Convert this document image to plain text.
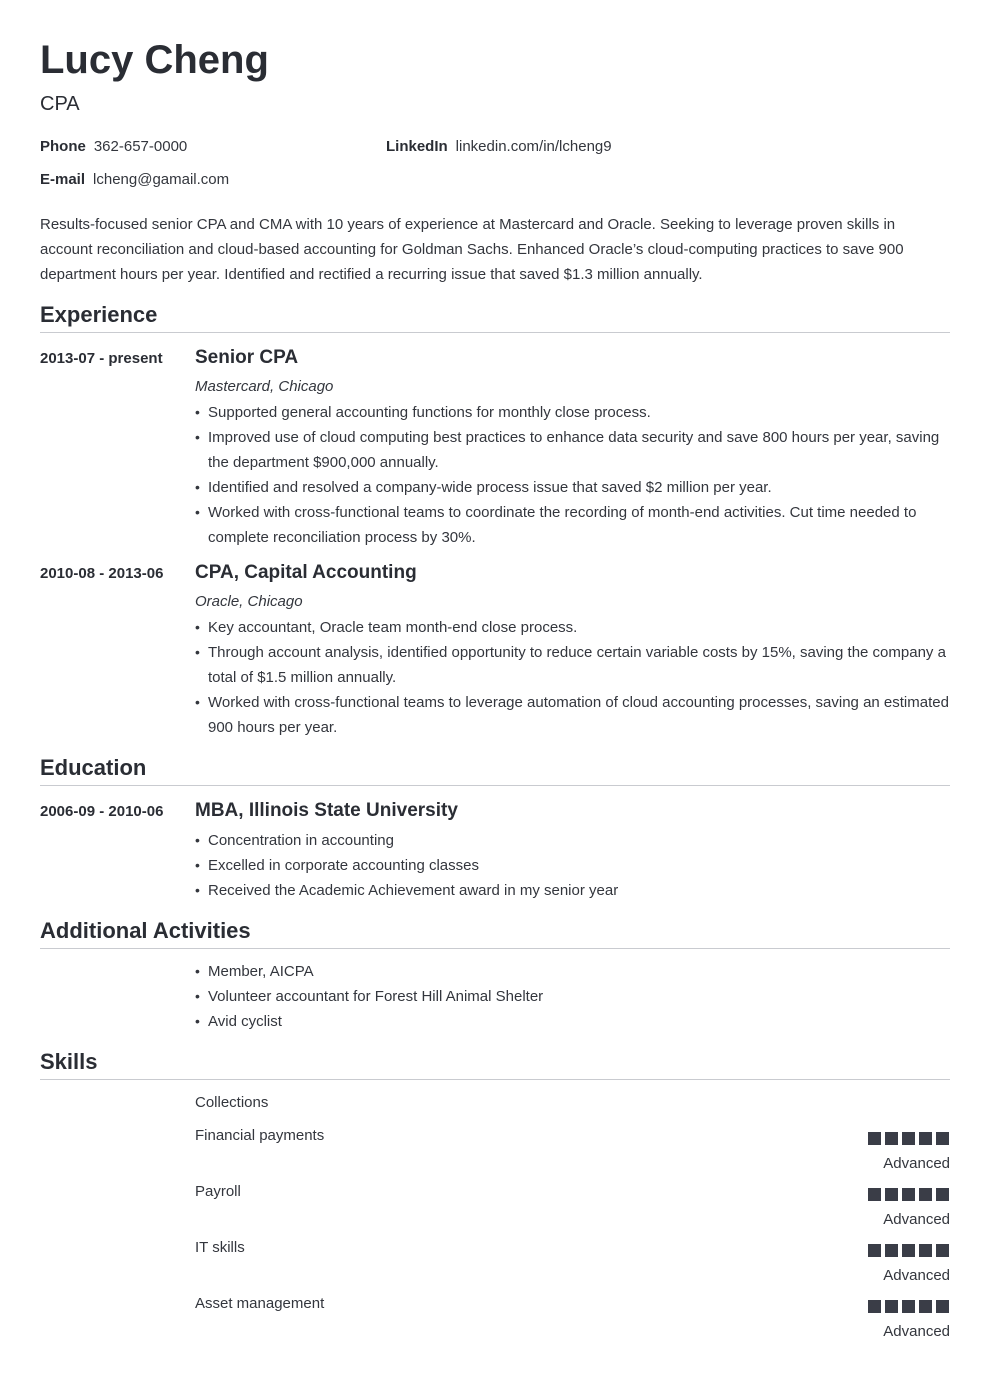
Lucy Cheng
CPA
Phone 362-657-0000	LinkedIn linkedin.com/in/lcheng9
E-mail lcheng@gamail.com

Results-focused senior CPA and CMA with 10 years of experience at Mastercard and Oracle. Seeking to leverage proven skills in account reconciliation and cloud-based accounting for Goldman Sachs. Enhanced Oracle’s cloud-computing practices to save 900 department hours per year. Identified and rectified a recurring issue that saved $1.3 million annually.

Experience
2013-07 - present Senior CPA
Mastercard, Chicago
• Supported general accounting functions for monthly close process.
• Improved use of cloud computing best practices to enhance data security and save 800 hours per year, saving the department $900,000 annually.
• Identified and resolved a company-wide process issue that saved $2 million per year.
• Worked with cross-functional teams to coordinate the recording of month-end activities. Cut time needed to complete reconciliation process by 30%.
2010-08 - 2013-06 CPA, Capital Accounting
Oracle, Chicago
• Key accountant, Oracle team month-end close process.
• Through account analysis, identified opportunity to reduce certain variable costs by 15%, saving the company a total of $1.5 million annually.
• Worked with cross-functional teams to leverage automation of cloud accounting processes, saving an estimated 900 hours per year.
Education
2006-09 - 2010-06 MBA, Illinois State University
• Concentration in accounting
• Excelled in corporate accounting classes
• Received the Academic Achievement award in my senior year
Additional Activities
• Member, AICPA
• Volunteer accountant for Forest Hill Animal Shelter
• Avid cyclist
Skills
Collections
Financial payments
Advanced
Payroll
Advanced
IT skills
Advanced
Asset management
Advanced
